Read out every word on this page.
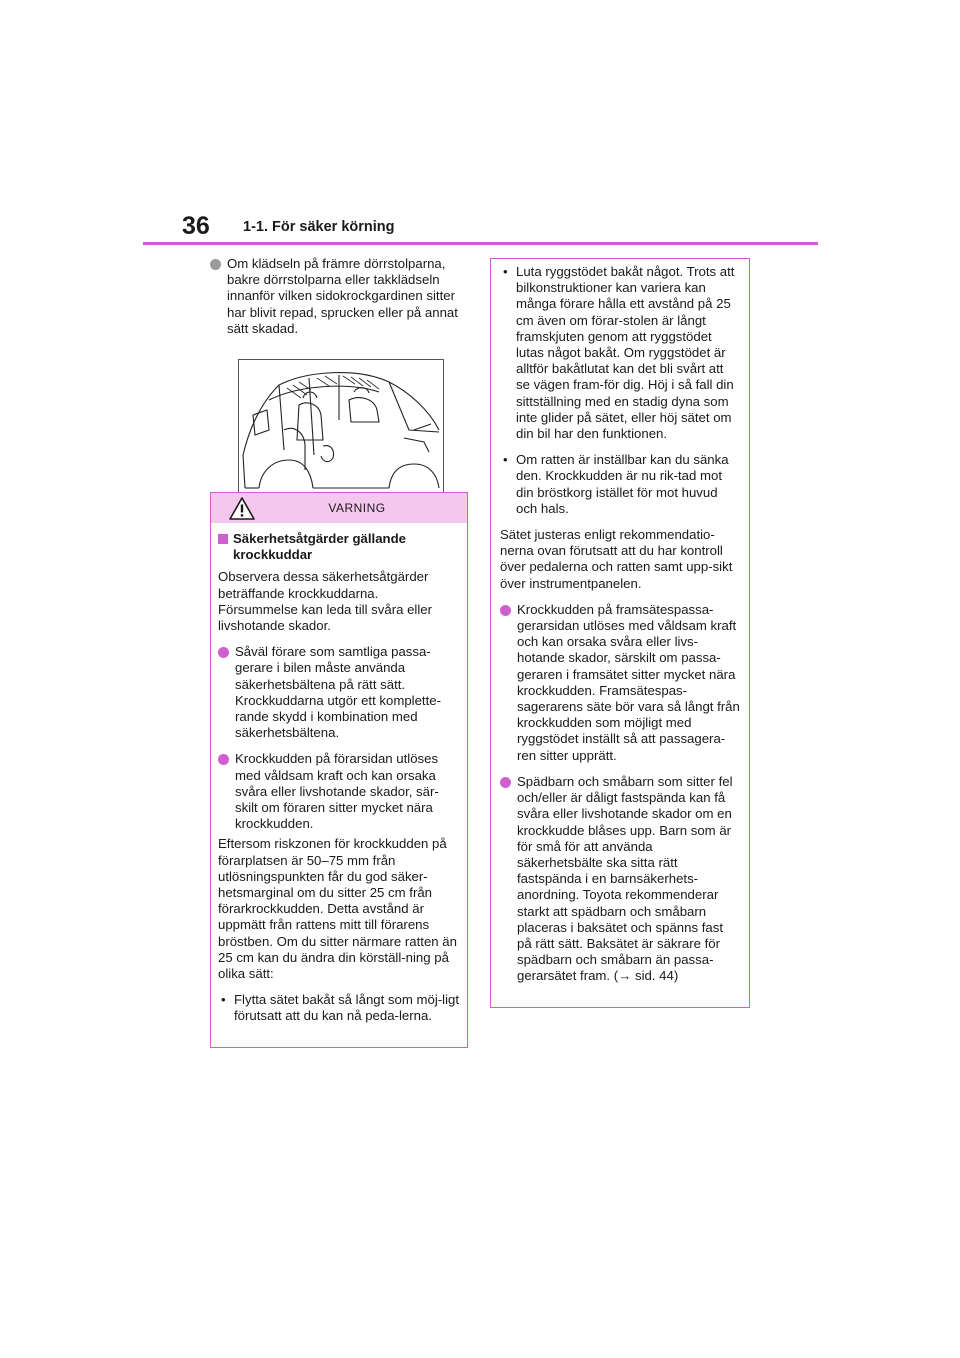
36 1-1. För säker körning
Om klädseln på främre dörrstolparna, bakre dörrstolparna eller takklädseln innanför vilken sidokrockgardinen sitter har blivit repad, sprucken eller på annat sätt skadad.
VARNING
Säkerhetsåtgärder gällande krockkuddar

Observera dessa säkerhetsåtgärder beträffande krockkuddarna. Försummelse kan leda till svåra eller livshotande skador.

Såväl förare som samtliga passa-gerare i bilen måste använda säkerhetsbältena på rätt sätt. Krockkuddarna utgör ett komplette-rande skydd i kombination med säkerhetsbältena.
Krockkudden på förarsidan utlöses med våldsam kraft och kan orsaka svåra eller livshotande skador, sär-skilt om föraren sitter mycket nära krockkudden.

Eftersom riskzonen för krockkudden på förarplatsen är 50–75 mm från utlösningspunkten får du god säker-hetsmarginal om du sitter 25 cm från förarkrockkudden. Detta avstånd är uppmätt från rattens mitt till förarens bröstben. Om du sitter närmare ratten än 25 cm kan du ändra din körställ-ning på olika sätt:

• Flytta sätet bakåt så långt som möj-ligt förutsatt att du kan nå peda-lerna.
• Luta ryggstödet bakåt något. Trots att bilkonstruktioner kan variera kan många förare hålla ett avstånd på 25 cm även om förar-stolen är långt framskjuten genom att ryggstödet lutas något bakåt. Om ryggstödet är alltför bakåtlutat kan det bli svårt att se vägen fram-för dig. Höj i så fall din sittställning med en stadig dyna som inte glider på sätet, eller höj sätet om din bil har den funktionen.
• Om ratten är inställbar kan du sänka den. Krockkudden är nu rik-tad mot din bröstkorg istället för mot huvud och hals.

Sätet justeras enligt rekommendatio-nerna ovan förutsatt att du har kontroll över pedalerna och ratten samt upp-sikt över instrumentpanelen.

Krockkudden på framsätespassa-gerarsidan utlöses med våldsam kraft och kan orsaka svåra eller livs-hotande skador, särskilt om passa-geraren i framsätet sitter mycket nära krockkudden. Framsätespas-sagerarens säte bör vara så långt från krockkudden som möjligt med ryggstödet inställt så att passagera-ren sitter upprätt.
Spädbarn och småbarn som sitter fel och/eller är dåligt fastspända kan få svåra eller livshotande skador om en krockkudde blåses upp. Barn som är för små för att använda säkerhetsbälte ska sitta rätt fastspända i en barnsäkerhets-anordning. Toyota rekommenderar starkt att spädbarn och småbarn placeras i baksätet och spänns fast på rätt sätt. Baksätet är säkrare för spädbarn och småbarn än passa-gerarsätet fram. (→ sid. 44)
